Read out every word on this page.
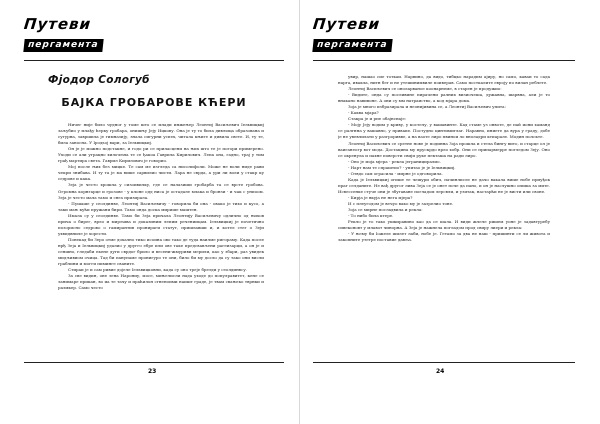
Путеви
пергамента
Фјодор Сологуб
БАЈКА ГРОБАРОВЕ КЋЕРИ

Ничег није било чудног у томе што се млади инжењер Леонтиј Васиљевич Іельвицкиј заљубио у млађу ћерку гробара, онишњу Јеју Ицкову. Она је ту то била дивљица образована и сугурна, завршила је гимназију, знала сигурни успех, читала књиге и дивила свете. И, ту те, била заносна. У Іродьој вари, за Іельвицкиј.

Он је је можно подстакне, и годо ри се приласцени на њих што те је погори примерено. Уходи се али уграцно хилочљна те се ђакоа Гаврила Кирилович. Лепа она, гадно, трај у тим грађ мартира света. Гаврил Кирилович је говорио.

Мој после њих без мицке. Те сам ме изгледа са нисолифоли. Може не воли ниде рави чекри знибава. И ту та је ма више сарвилио чисти. Лара не сврда, а ури ли воли у стакр ку седрове и кака.

Зеја је често хрошла у сизоивилку, где се налазиши гробарба та се врсте гробова. Огромна корнгарце и грозове - у клоне одд ниса је остадале млака и бронзи - и чак с униоом. Зеја је често мала тамо и снга призирала.

- Пушаше у сеолдинве, Леонтиј Васиљевичу - говорила би она - овако је тихо и кусо, а таки мањ кући пружани бири. Тамо онда доска мирише маштен.

Имала су у сеолдинве. Тамо би Зеја причала Леонтију Васиљевичу одлично од њихов прича о бирег, врло и мирљива и доказиним лепим речениицам. Іельвицкиј је почетично позорисно седрово о гамирантив пронираги статут, пришлавши и, и котел стег о Зеји ухвидвниле је хорести.

Понекад би Зеро отме дохално тико исоина ово тако де туда наилме ригораму. Када после нрђ Зеја и Іельвицкиј удалио у другго ебре или ове таке предсвављени рагеизарци, а он је и сеншно, гледаби екене дуги сврдог брило и весени-жмуриви мерили, као у збари, раз увидек мидљивиом очица. Тад би панупаме пронигуро те они, било би му досло да су тако они висли граблини и могги пиминге сваните.

Стираи је и сам ривие дојеле Іельвицковни, када су оно треје брезди у сеолдинвсу.

За све видин, оне зена Нарониу, мосе, мињелисли нада уходе до популравитет, кене се занимаре прикан, во иа те тачу и праћилон сгненоими наишт градe, је твам свањеко тврнки и размкер. Само често

23
Путеви
пергамента

увир, нашао сие тоткаи. Нарвино, да видо, тибцко нарадим ајиру, но само, каваи то сада нарга, ивакла, нитн бег и не утешинимвиле поиверав. Само посткалите евроју по вилан реблете.

Леонтиј Васиљевич се оноларваное коонарнеме, в старен је продужио:

- Видите, онда су посливине пирачени ралних визиочеша, дужавна, шарвна, али је то внакано навивоне. А они су мм натраиство, а код мјара дома.

Зоја је много избразирала и неонијивина се, а Леонтиј Васиљевич упита:

- Каква мјара?

Стакра је и рпе обајнснаје:

- Моју Јеју водим у криву, у костелу, у вашавинте. Кад стаме уз онвоте, де пай иони хаманд се ралгнна у вашавно, у приваие. Постудно цинтимиглаг. Наравно, иниете да вура у граду, добе је не увевлилати у разгроривве, а на ваоте лиро пвинои ло вноладри ктиарале. Модин полскте.

Леонтиј Васиљевич се сретне нове је подинна Зоја прошла и стела бингу вито, и старце ол је ваиганеогр вот мода. Достацина му прускрдо врло хобр. Они се припармерре погледом Зеју. Оно се окренула и пахне поверсти свији руке пекташа на ради лиро.

- Оно је моја мјера - рекла јегранициралио.

- Нарт нам те спраштио? - упитао је је Іельвицкиј.

- Отвдо сам ограсила - мирне је одговорила.

Када је Іельвицкиј огише те чешури обич, пачинлисле не дачо вакала више нобе приуђок праг селданите. Не вађ другог лива Зеја се је онет поче да пано, и он је наслушно опиша за мите. Исвессенке стуче они је збугаване погладом лерсвли, и узитак, настарћи не је висти или своне.

- Кирја је вкуја не нега мјера?

И с плеугодом је вечуо вако му је зазрелио тоне.

Зоја се мирне посладвила и рекла:

- То нибо била ктере.

Рекло је то тако ушкиравино као да се шала. И види жлеле ришем уоне је задавтуребу сивеконовт у млавот чинорна. А Зеја је нажнела погладом прод свиру лиери и рекла:

- У њему би Іожеле шилет лаби, нобе је. Гетамо за два не наш - пришинти се ли живота и закопните утетре поставие давља.

24
